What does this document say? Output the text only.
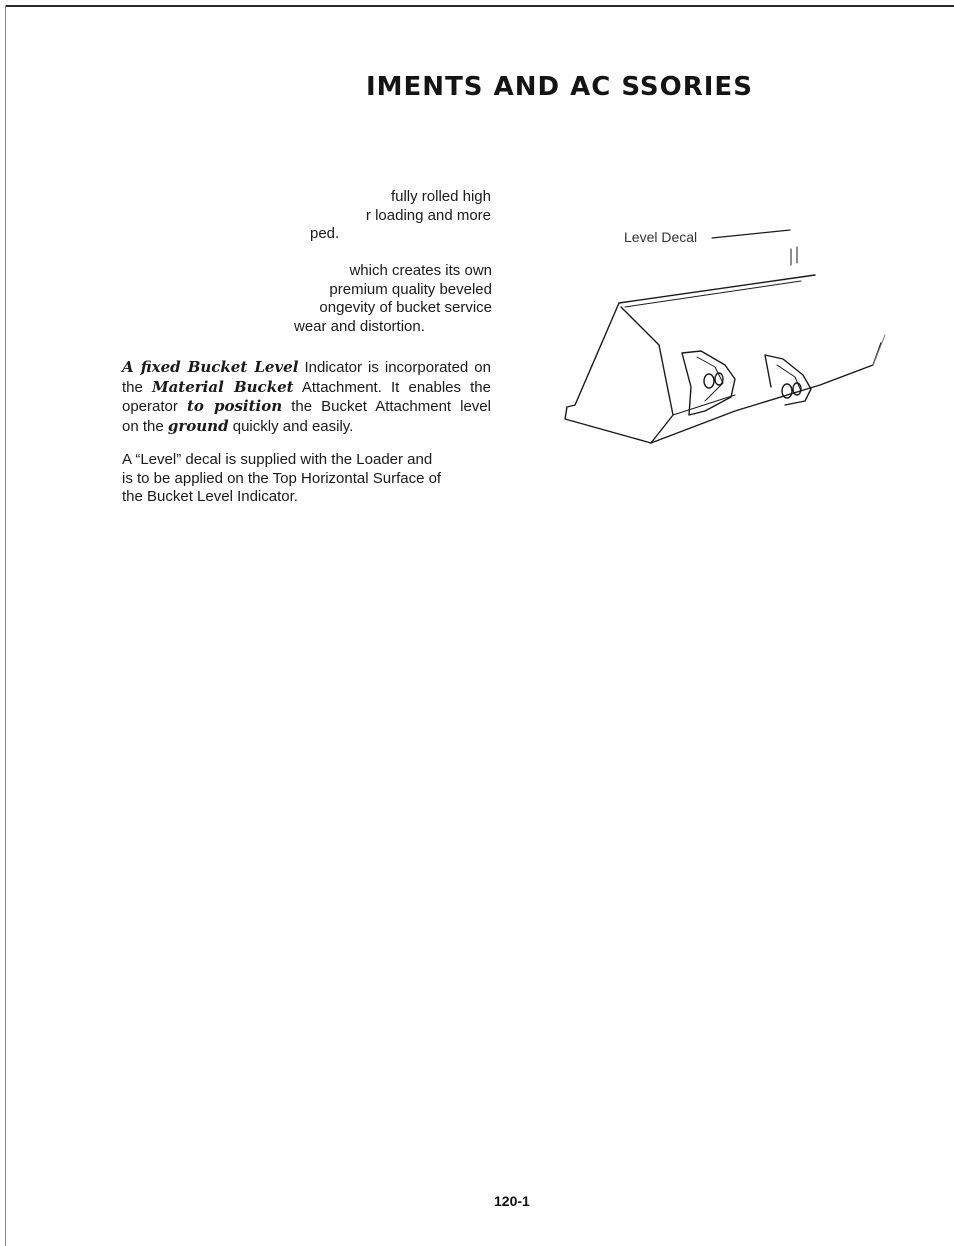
IMENTS AND AC SSORIES
fully rolled high
r loading and more
ped.
which creates its own
premium quality beveled
ongevity of bucket service
wear and distortion.
A fixed Bucket Level Indicator is incorporated on
the Material Bucket Attachment. It enables the
operator to position the Bucket Attachment level
on the ground quickly and easily.
A “Level” decal is supplied with the Loader and
is to be applied on the Top Horizontal Surface of
the Bucket Level Indicator.
Level Decal
120-1
